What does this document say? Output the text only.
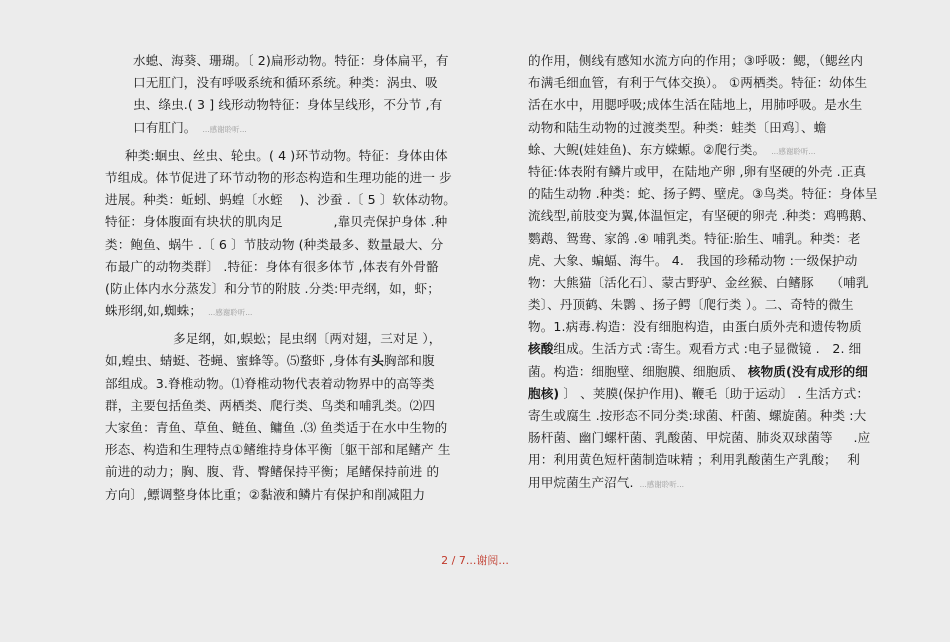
水螅、海葵、珊瑚。〔 2)扁形动物。特征：身体扁平，有
口无肛门，没有呼吸系统和循环系统。种类：涡虫、吸
虫、绦虫.( 3 ] 线形动物特征：身体呈线形，不分节 ,有
口有肛门。 ...感谢聆听...
种类:蛔虫、丝虫、轮虫。( 4 )环节动物。特征：身体由体
节组成。体节促进了环节动物的形态构造和生理功能的进一 步
进展。种类：蚯蚓、蚂蝗〔水蛭　 )、沙蚕 .〔 5 〕软体动物。
特征：身体腹面有块状的肌肉足　　　　,靠贝壳保护身体 .种
类：鲍鱼、蜗牛 .〔 6 〕节肢动物 (种类最多、数量最大、分
布最广的动物类群〕 .特征：身体有很多体节 ,体表有外骨骼
(防止体内水分蒸发〕和分节的附肢 .分类:甲壳纲，如，虾；
蛛形纲,如,蜘蛛； ...感谢聆听...
多足纲，如,蜈蚣；昆虫纲〔两对翅，三对足 ），
如,蝗虫、蜻蜓、苍蝇、蜜蜂等。⑸蝥虾 ,身体有头胸部和腹
部组成。3.脊椎动物。⑴脊椎动物代表着动物界中的高等类
群，主要包括鱼类、两栖类、爬行类、鸟类和哺乳类。⑵四
大家鱼：青鱼、草鱼、鲢鱼、鳙鱼 .⑶ 鱼类适于在水中生物的
形态、构造和生理特点①鳍维持身体平衡〔躯干部和尾鳍产 生
前进的动力；胸、腹、背、臀鳍保持平衡；尾鳍保持前进 的
方向〕,鳔调整身体比重；②黏液和鳞片有保护和削减阻力
的作用，侧线有感知水流方向的作用；③呼吸：鳃，（鳃丝内
布满毛细血管，有利于气体交换）。 ①两栖类。特征：幼体生
活在水中，用腮呼吸;成体生活在陆地上，用肺呼吸。是水生
动物和陆生动物的过渡类型。种类：蛙类〔田鸡〕、蟾
蜍、大鲵(娃娃鱼)、东方蝾螈。②爬行类。 ...感谢聆听...
特征:体表附有鳞片或甲，在陆地产卵 ,卵有坚硬的外壳 .正真
的陆生动物 .种类：蛇、扬子鳄、壁虎。③鸟类。特征：身体呈
流线型,前肢变为翼,体温恒定，有坚硬的卵壳 .种类：鸡鸭鹅、
鹦鹉、鸳鸯、家鸽 .④ 哺乳类。特征:胎生、哺乳。种类：老
虎、大象、蝙蝠、海牛。 4.　我国的珍稀动物 :一级保护动
物：大熊猫〔活化石〕、蒙古野驴、金丝猴、白鳍豚　 （哺乳
类〕、丹顶鹤、朱鹮 、扬子鳄〔爬行类 ）。二、奇特的微生
物。1.病毒.构造：没有细胞构造，由蛋白质外壳和遗传物质
核酸组成。生活方式 :寄生。观看方式 :电子显微镜 .　2. 细
菌。构造：细胞壁、细胞膜、细胞质、 核物质(没有成形的细
胞核) 〕 、荚膜(保护作用)、鞭毛〔助于运动〕 . 生活方式：
寄生或腐生 .按形态不同分类:球菌、杆菌、螺旋菌。种类 :大
肠杆菌、幽门螺杆菌、乳酸菌、甲烷菌、肺炎双球菌等 　 .应
用：利用黄色短杆菌制造味精 ；利用乳酸菌生产乳酸；　 利
用甲烷菌生产沼气. ...感谢聆听...
2 / 7...谢阅...
